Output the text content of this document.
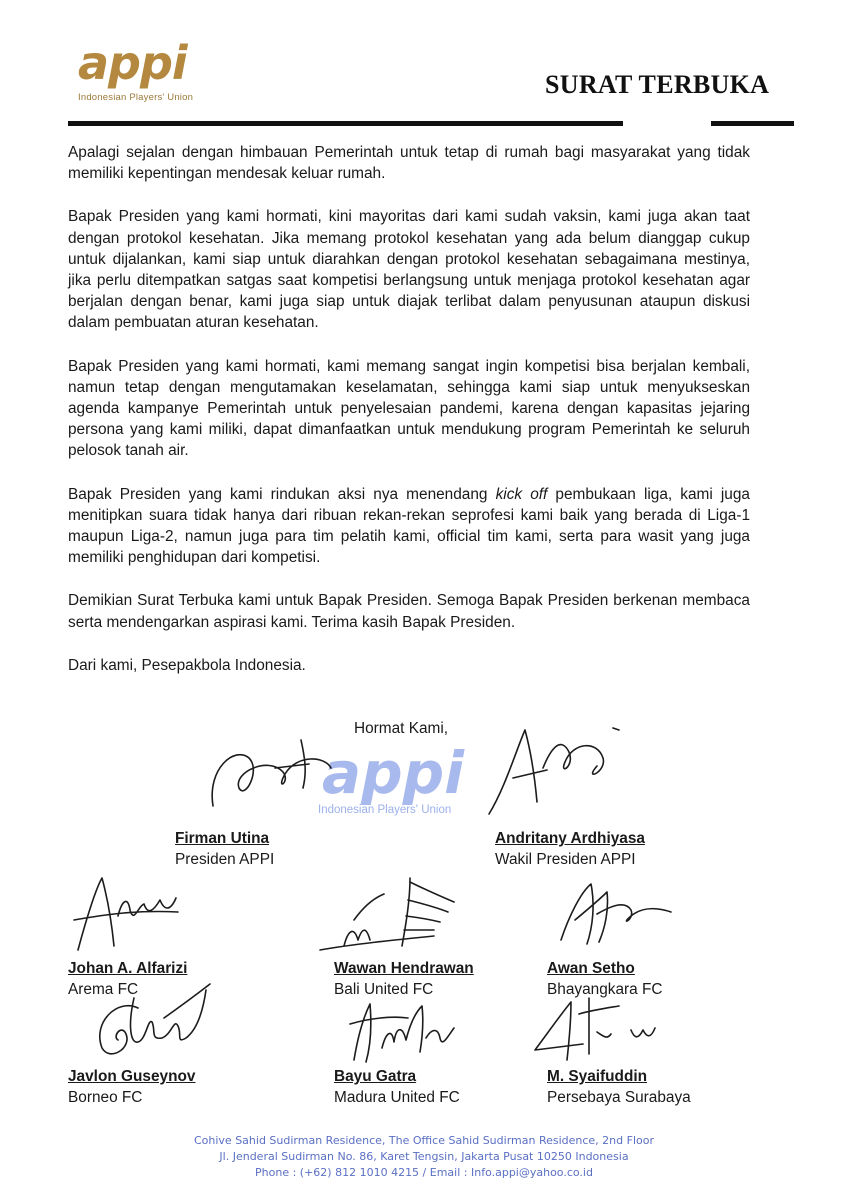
appi
Indonesian Players' Union	SURAT TERBUKA

Apalagi sejalan dengan himbauan Pemerintah untuk tetap di rumah bagi masyarakat yang tidak memiliki kepentingan mendesak keluar rumah.

Bapak Presiden yang kami hormati, kini mayoritas dari kami sudah vaksin, kami juga akan taat dengan protokol kesehatan. Jika memang protokol kesehatan yang ada belum dianggap cukup untuk dijalankan, kami siap untuk diarahkan dengan protokol kesehatan sebagaimana mestinya, jika perlu ditempatkan satgas saat kompetisi berlangsung untuk menjaga protokol kesehatan agar berjalan dengan benar, kami juga siap untuk diajak terlibat dalam penyusunan ataupun diskusi dalam pembuatan aturan kesehatan.

Bapak Presiden yang kami hormati, kami memang sangat ingin kompetisi bisa berjalan kembali, namun tetap dengan mengutamakan keselamatan, sehingga kami siap untuk menyukseskan agenda kampanye Pemerintah untuk penyelesaian pandemi, karena dengan kapasitas jejaring persona yang kami miliki, dapat dimanfaatkan untuk mendukung program Pemerintah ke seluruh pelosok tanah air.

Bapak Presiden yang kami rindukan aksi nya menendang kick off pembukaan liga, kami juga menitipkan suara tidak hanya dari ribuan rekan-rekan seprofesi kami baik yang berada di Liga-1 maupun Liga-2, namun juga para tim pelatih kami, official tim kami, serta para wasit yang juga memiliki penghidupan dari kompetisi.

Demikian Surat Terbuka kami untuk Bapak Presiden. Semoga Bapak Presiden berkenan membaca serta mendengarkan aspirasi kami. Terima kasih Bapak Presiden.

Dari kami, Pesepakbola Indonesia.

Hormat Kami,
appi
Indonesian Players' Union
Firman Utina
Presiden APPI
Andritany Ardhiyasa
Wakil Presiden APPI
Johan A. Alfarizi
Arema FC
Wawan Hendrawan
Bali United FC
Awan Setho
Bhayangkara FC
Javlon Guseynov
Borneo FC
Bayu Gatra
Madura United FC
M. Syaifuddin
Persebaya Surabaya
Cohive Sahid Sudirman Residence, The Office Sahid Sudirman Residence, 2nd Floor
Jl. Jenderal Sudirman No. 86, Karet Tengsin, Jakarta Pusat 10250 Indonesia
Phone : (+62) 812 1010 4215 / Email : Info.appi@yahoo.co.id
